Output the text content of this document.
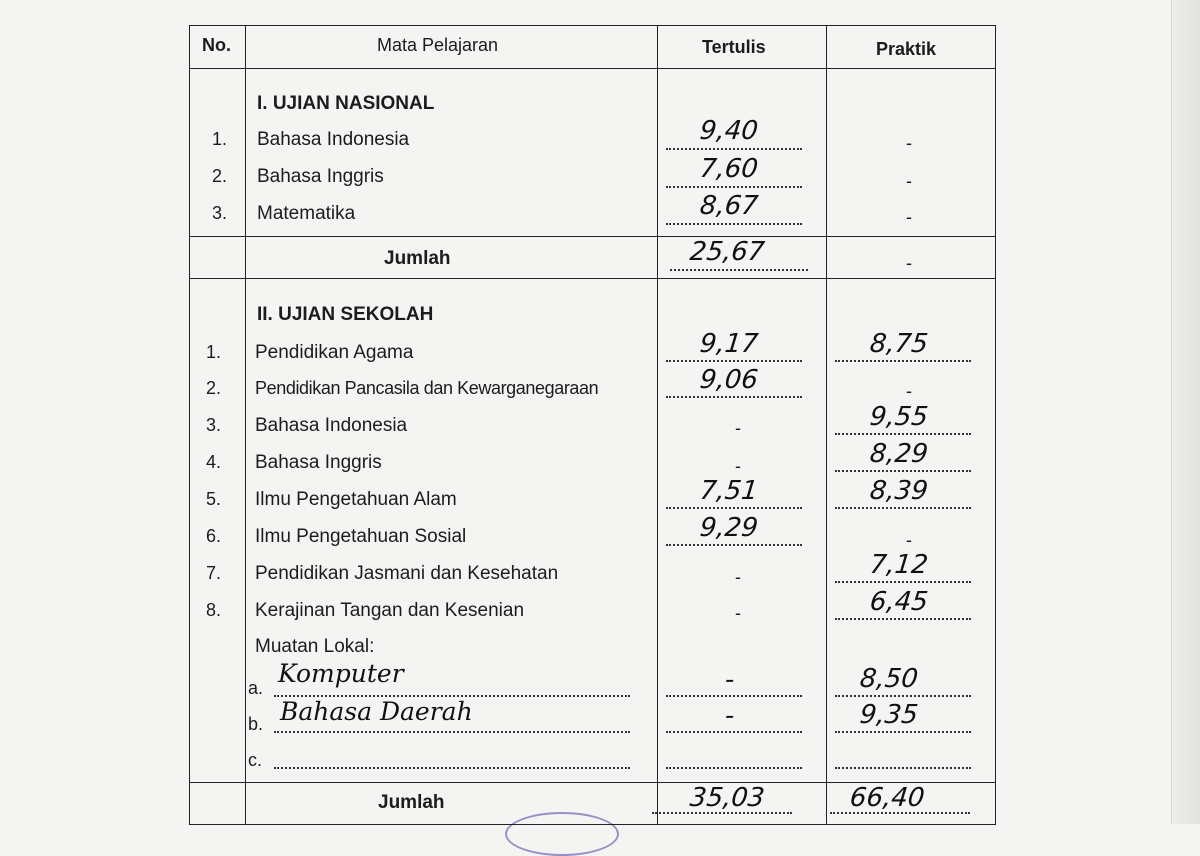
No.	Mata Pelajaran	Tertulis	Praktik
I. UJIAN NASIONAL
1. Bahasa Indonesia	9,40	-
2. Bahasa Inggris	7,60	-
3. Matematika	8,67	-
Jumlah	25,67	-
II. UJIAN SEKOLAH
1. Pendidikan Agama	9,17	8,75
2. Pendidikan Pancasila dan Kewarganegaraan	9,06	-
3. Bahasa Indonesia	-	9,55
4. Bahasa Inggris	-	8,29
5. Ilmu Pengetahuan Alam	7,51	8,39
6. Ilmu Pengetahuan Sosial	9,29	-
7. Pendidikan Jasmani dan Kesehatan	-	7,12
8. Kerajinan Tangan dan Kesenian	-	6,45
Muatan Lokal:
a. Komputer	-	8,50
b. Bahasa Daerah	-	9,35
c.
Jumlah	35,03	66,40
